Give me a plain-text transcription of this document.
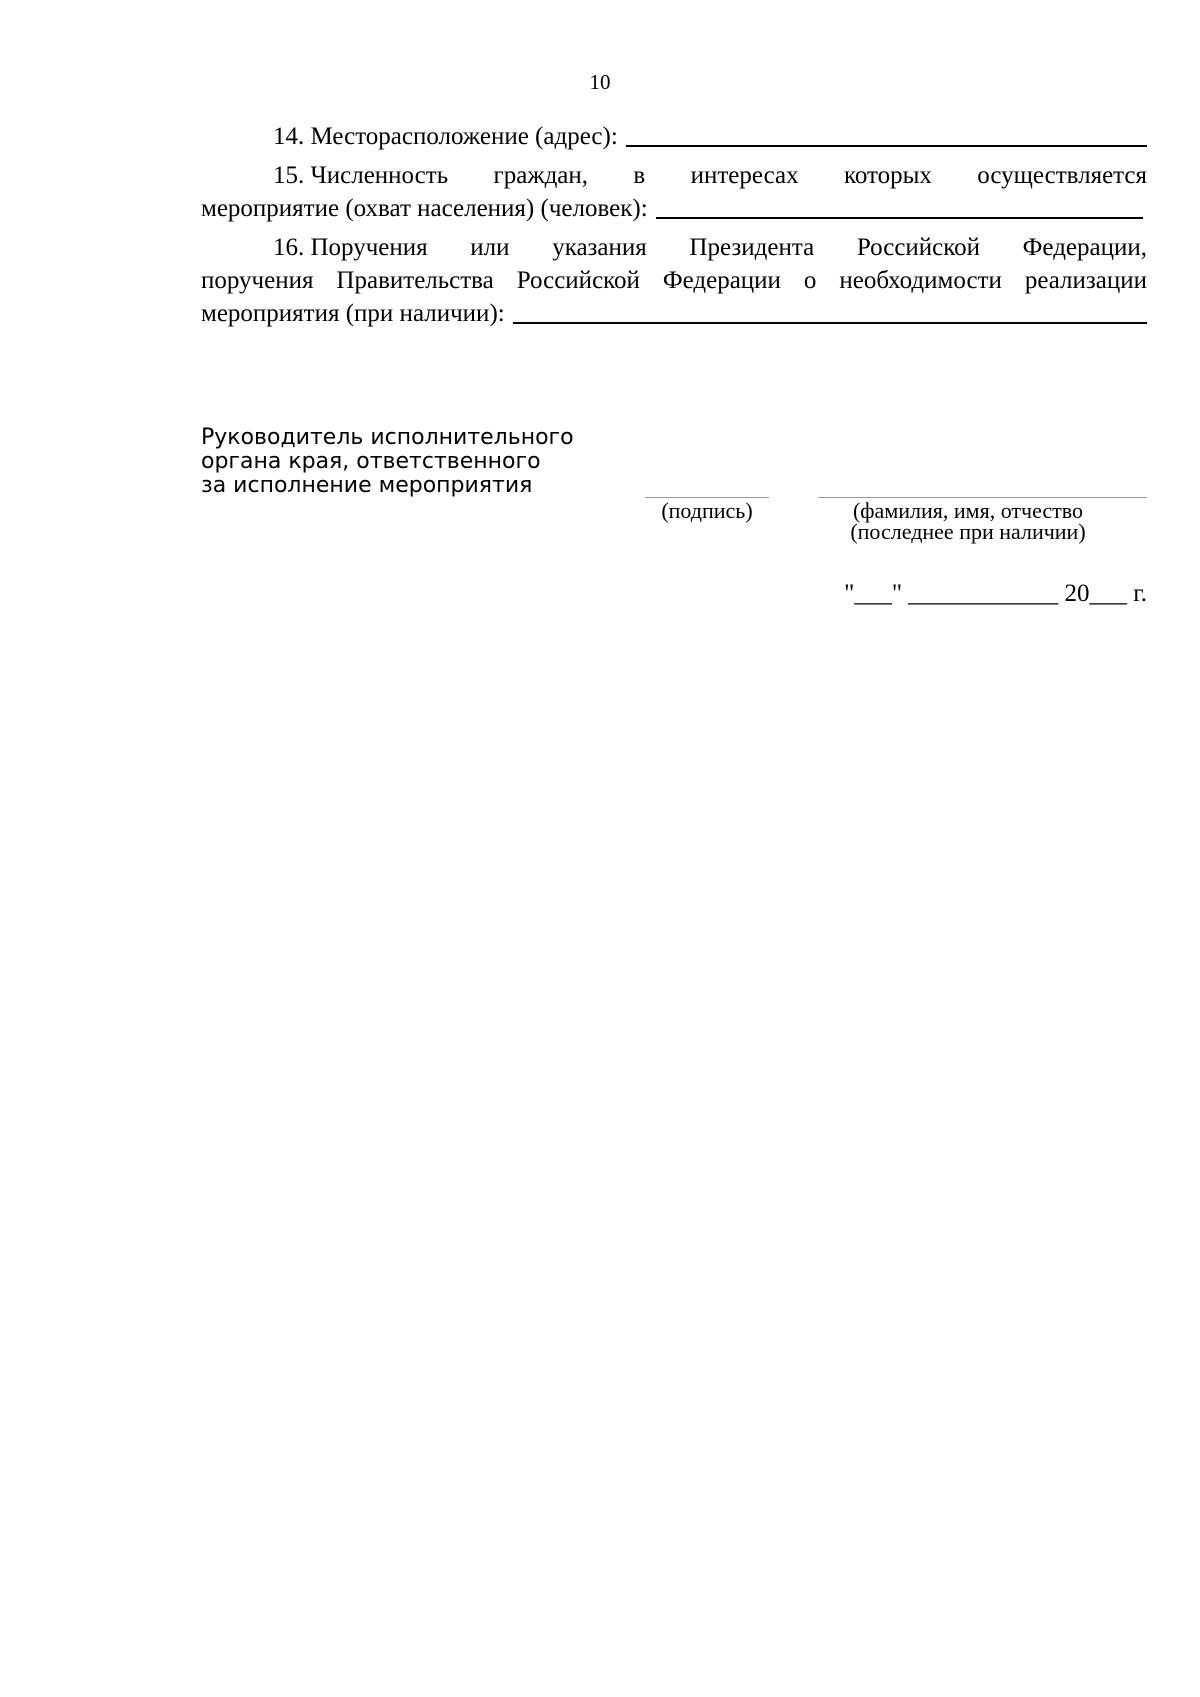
10
14.
Месторасположение (адрес):
15.
Численность граждан, в интересах которых осуществляется
мероприятие (охват населения) (человек):
16.
Поручения или указания Президента Российской Федерации,
поручения Правительства Российской Федерации о необходимости реализации
мероприятия (при наличии):
Руководитель исполнительного
органа края, ответственного
за исполнение мероприятия
(подпись)	(фамилия, имя, отчество
(последнее при наличии)
"___" ____________ 20___ г.
